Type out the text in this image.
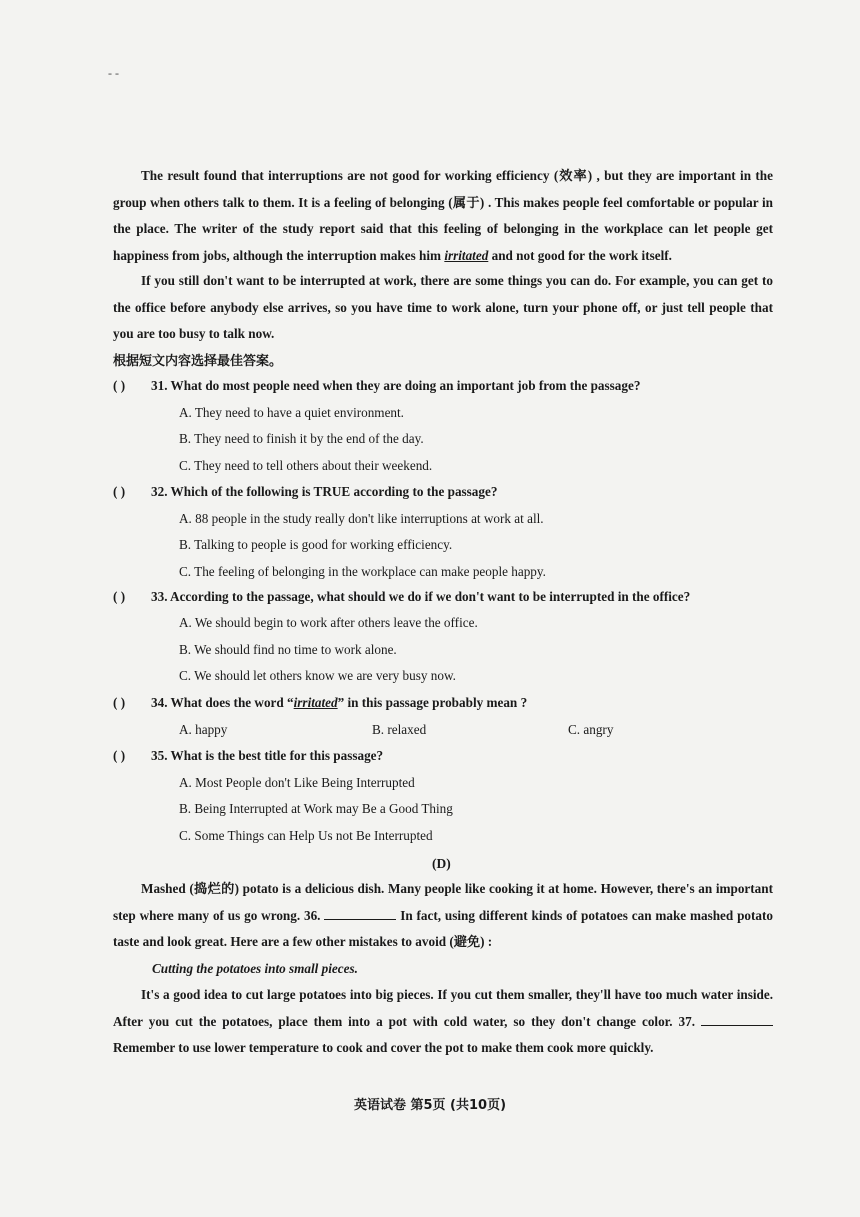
- -
The result found that interruptions are not good for working efficiency (效率) , but they are important in the group when others talk to them. It is a feeling of belonging (属于) . This makes people feel comfortable or popular in the place. The writer of the study report said that this feeling of belonging in the workplace can let people get happiness from jobs, although the interruption makes him irritated and not good for the work itself.
If you still don't want to be interrupted at work, there are some things you can do. For example, you can get to the office before anybody else arrives, so you have time to work alone, turn your phone off, or just tell people that you are too busy to talk now.
根据短文内容选择最佳答案。
( ) 31. What do most people need when they are doing an important job from the passage?
A. They need to have a quiet environment.
B. They need to finish it by the end of the day.
C. They need to tell others about their weekend.
( ) 32. Which of the following is TRUE according to the passage?
A. 88 people in the study really don't like interruptions at work at all.
B. Talking to people is good for working efficiency.
C. The feeling of belonging in the workplace can make people happy.
( ) 33. According to the passage, what should we do if we don't want to be interrupted in the office?
A. We should begin to work after others leave the office.
B. We should find no time to work alone.
C. We should let others know we are very busy now.
( ) 34. What does the word “irritated” in this passage probably mean ?
A. happy	B. relaxed	C. angry
( ) 35. What is the best title for this passage?
A. Most People don't Like Being Interrupted
B. Being Interrupted at Work may Be a Good Thing
C. Some Things can Help Us not Be Interrupted
(D)
Mashed (捣烂的) potato is a delicious dish. Many people like cooking it at home. However, there's an important step where many of us go wrong. 36.	In fact, using different kinds of potatoes can make mashed potato taste and look great. Here are a few other mistakes to avoid (避免) :
Cutting the potatoes into small pieces.
It's a good idea to cut large potatoes into big pieces. If you cut them smaller, they'll have too much water inside. After you cut the potatoes, place them into a pot with cold water, so they don't change color. 37.  Remember to use lower temperature to cook and cover the pot to make them cook more quickly.
英语试卷 第5页 (共10页)
